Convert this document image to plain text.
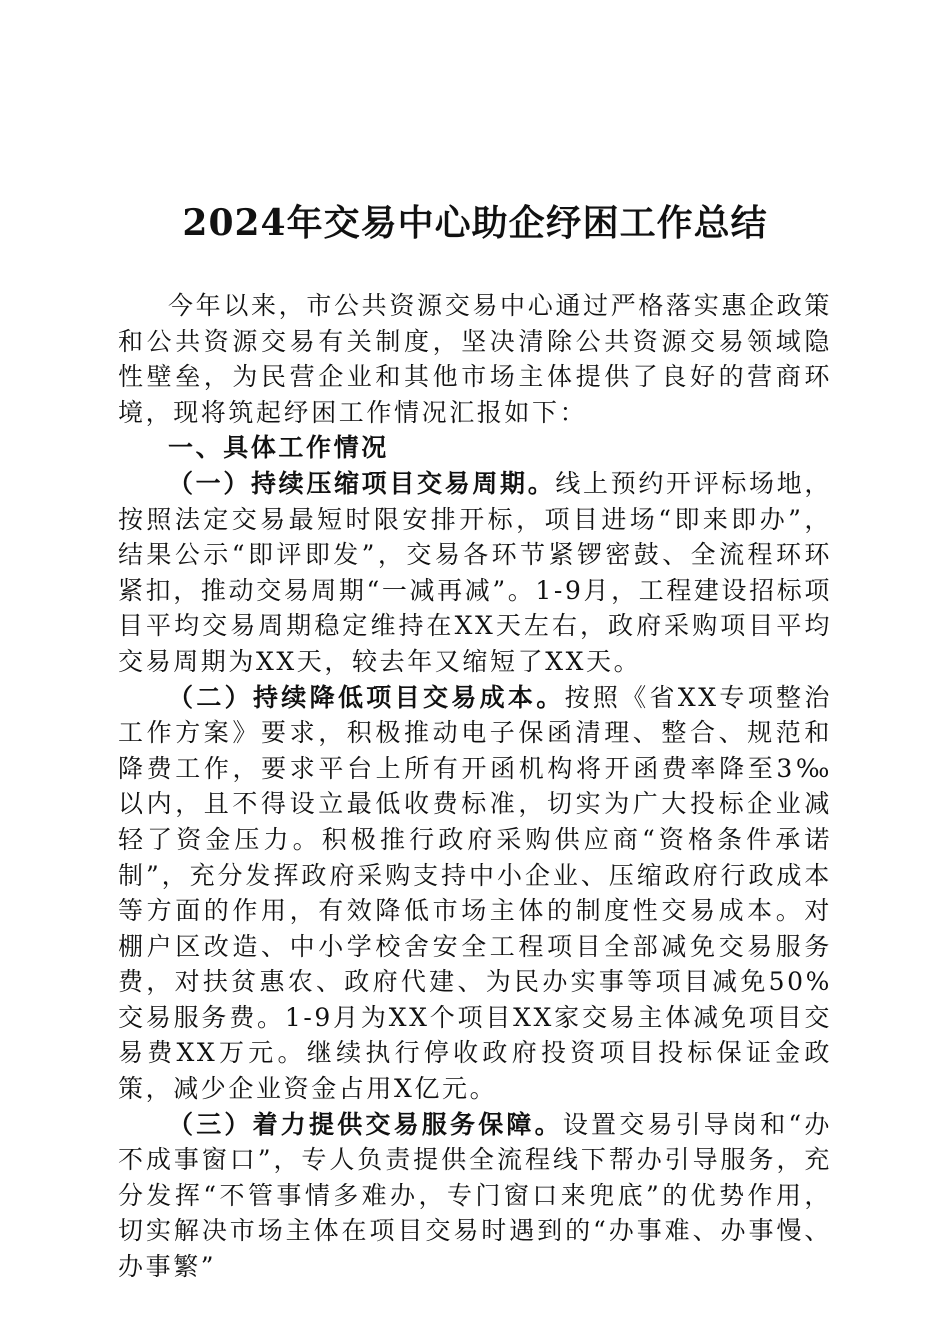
2024年交易中心助企纾困工作总结

今年以来，市公共资源交易中心通过严格落实惠企政策和公共资源交易有关制度，坚决清除公共资源交易领域隐性壁垒，为民营企业和其他市场主体提供了良好的营商环境，现将筑起纾困工作情况汇报如下：

一、具体工作情况

（一）持续压缩项目交易周期。线上预约开评标场地，按照法定交易最短时限安排开标，项目进场“即来即办”，结果公示“即评即发”，交易各环节紧锣密鼓、全流程环环紧扣，推动交易周期“一减再减”。1-9月，工程建设招标项目平均交易周期稳定维持在XX天左右，政府采购项目平均交易周期为XX天，较去年又缩短了XX天。

（二）持续降低项目交易成本。按照《省XX专项整治工作方案》要求，积极推动电子保函清理、整合、规范和降费工作，要求平台上所有开函机构将开函费率降至3‰以内，且不得设立最低收费标准，切实为广大投标企业减轻了资金压力。积极推行政府采购供应商“资格条件承诺制”，充分发挥政府采购支持中小企业、压缩政府行政成本等方面的作用，有效降低市场主体的制度性交易成本。对棚户区改造、中小学校舍安全工程项目全部减免交易服务费，对扶贫惠农、政府代建、为民办实事等项目减免50%交易服务费。1-9月为XX个项目XX家交易主体减免项目交易费XX万元。继续执行停收政府投资项目投标保证金政策，减少企业资金占用X亿元。

（三）着力提供交易服务保障。设置交易引导岗和“办不成事窗口”，专人负责提供全流程线下帮办引导服务，充分发挥“不管事情多难办，专门窗口来兜底”的优势作用，切实解决市场主体在项目交易时遇到的“办事难、办事慢、办事繁”
